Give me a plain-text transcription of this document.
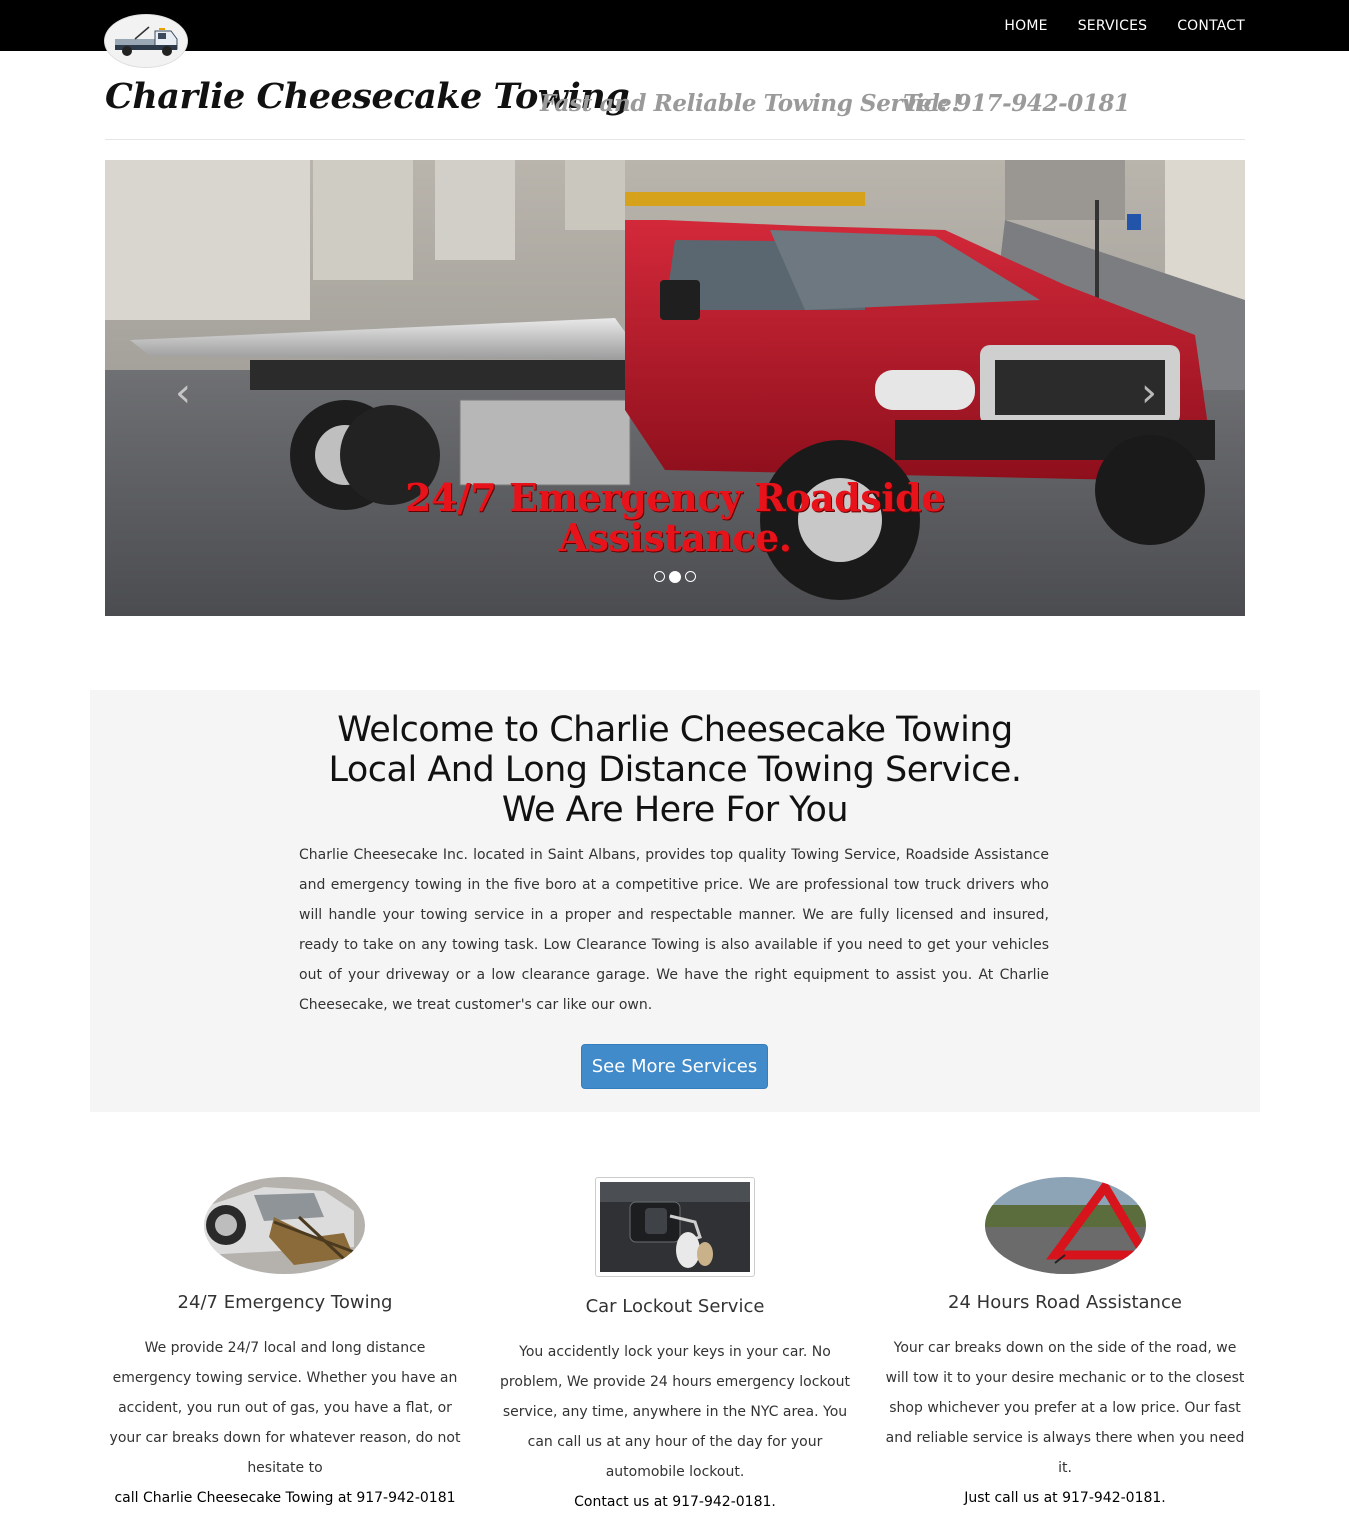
HOME SERVICES CONTACT
Charlie Cheesecake Towing
Fast and Reliable Towing Service!
Tel: 917-942-0181
‹	›
24/7 Emergency Roadside
Assistance.
Welcome to Charlie Cheesecake Towing
Local And Long Distance Towing Service.
We Are Here For You

Charlie Cheesecake Inc. located in Saint Albans, provides top quality Towing Service, Roadside Assistance and emergency towing in the five boro at a competitive price. We are professional tow truck drivers who will handle your towing service in a proper and respectable manner. We are fully licensed and insured, ready to take on any towing task. Low Clearance Towing is also available if you need to get your vehicles out of your driveway or a low clearance garage. We have the right equipment to assist you. At Charlie Cheesecake, we treat customer's car like our own.

See More Services
24/7 Emergency Towing
We provide 24/7 local and long distance emergency towing service. Whether you have an accident, you run out of gas, you have a flat, or your car breaks down for whatever reason, do not hesitate to
call Charlie Cheesecake Towing at 917-942-0181
Car Lockout Service
You accidently lock your keys in your car. No problem, We provide 24 hours emergency lockout service, any time, anywhere in the NYC area. You can call us at any hour of the day for your automobile lockout.
Contact us at 917-942-0181.
24 Hours Road Assistance
Your car breaks down on the side of the road, we will tow it to your desire mechanic or to the closest shop whichever you prefer at a low price. Our fast and reliable service is always there when you need it.
Just call us at 917-942-0181.
